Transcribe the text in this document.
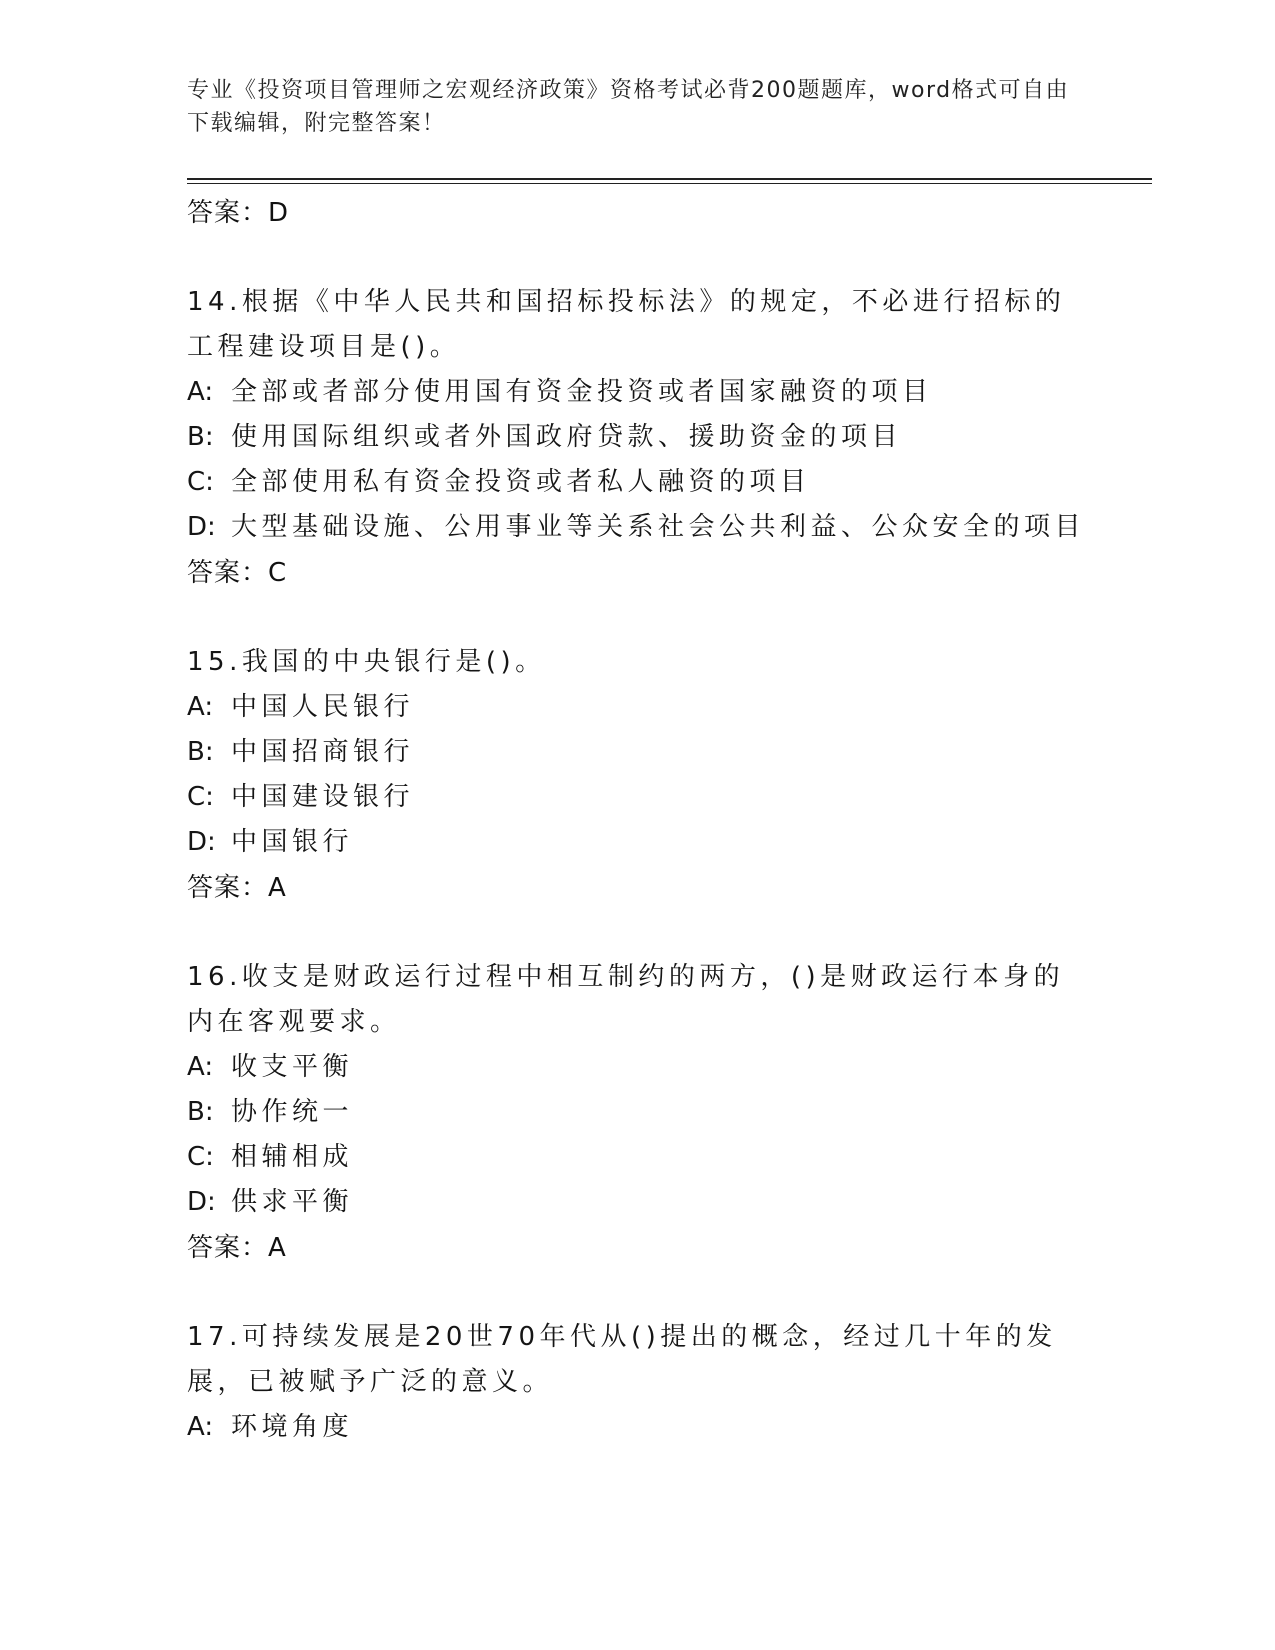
专业《投资项目管理师之宏观经济政策》资格考试必背200题题库，word格式可自由下载编辑，附完整答案！
答案：D
14.根据《中华人民共和国招标投标法》的规定，不必进行招标的工程建设项目是()。
A: 全部或者部分使用国有资金投资或者国家融资的项目
B: 使用国际组织或者外国政府贷款、援助资金的项目
C: 全部使用私有资金投资或者私人融资的项目
D: 大型基础设施、公用事业等关系社会公共利益、公众安全的项目
答案：C
15.我国的中央银行是()。
A: 中国人民银行
B: 中国招商银行
C: 中国建设银行
D: 中国银行
答案：A
16.收支是财政运行过程中相互制约的两方，()是财政运行本身的内在客观要求。
A: 收支平衡
B: 协作统一
C: 相辅相成
D: 供求平衡
答案：A
17.可持续发展是20世70年代从()提出的概念，经过几十年的发展，已被赋予广泛的意义。
A: 环境角度
